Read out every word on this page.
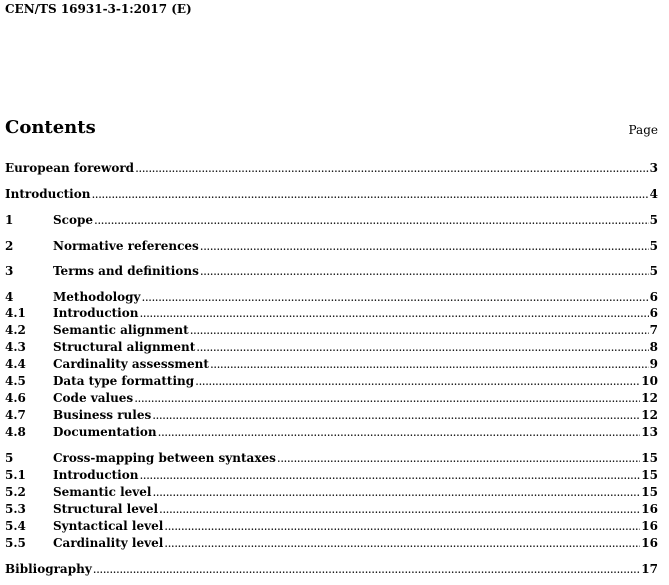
CEN/TS 16931-3-1:2017 (E)
Contents	Page
European foreword .....	3
Introduction .....	4
1	Scope .....	5
2	Normative references .....	5
3	Terms and definitions .....	5
4	Methodology .....	6
4.1	Introduction .....	6
4.2	Semantic alignment .....	7
4.3	Structural alignment .....	8
4.4	Cardinality assessment .....	9
4.5	Data type formatting .....	10
4.6	Code values .....	12
4.7	Business rules .....	12
4.8	Documentation .....	13
5	Cross-mapping between syntaxes .....	15
5.1	Introduction .....	15
5.2	Semantic level .....	15
5.3	Structural level .....	16
5.4	Syntactical level .....	16
5.5	Cardinality level .....	16
Bibliography .....	17
